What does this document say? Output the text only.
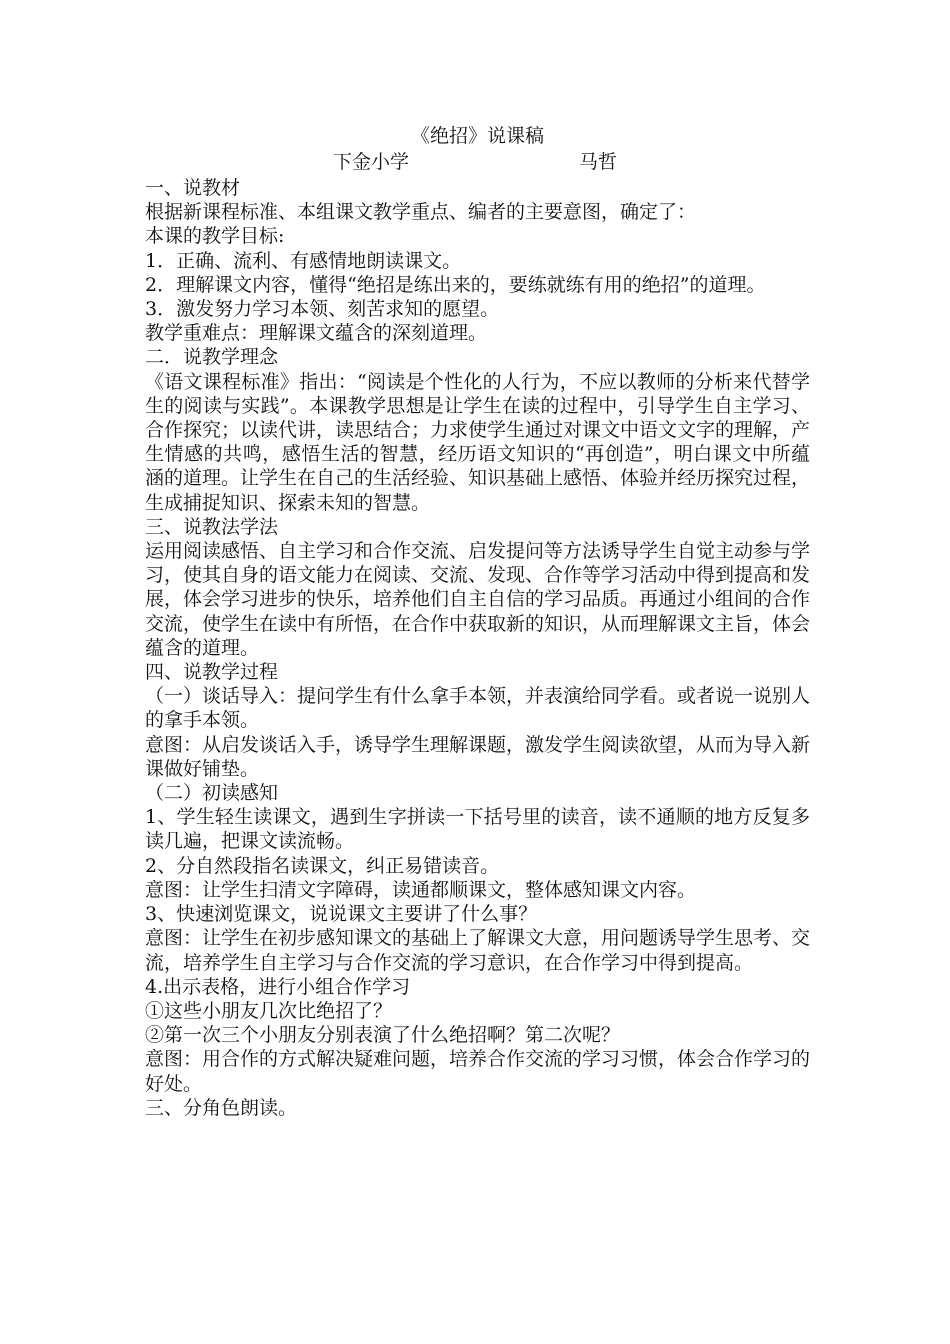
《绝招》说课稿
下金小学	马哲

一、说教材

根据新课程标准、本组课文教学重点、编者的主要意图，确定了：

本课的教学目标:

1．正确、流利、有感情地朗读课文。

2．理解课文内容，懂得“绝招是练出来的，要练就练有用的绝招”的道理。

3．激发努力学习本领、刻苦求知的愿望。

教学重难点：理解课文蕴含的深刻道理。

二．说教学理念

《语文课程标准》指出：“阅读是个性化的人行为，不应以教师的分析来代替学生的阅读与实践”。本课教学思想是让学生在读的过程中，引导学生自主学习、合作探究；以读代讲，读思结合；力求使学生通过对课文中语文文字的理解，产生情感的共鸣，感悟生活的智慧，经历语文知识的“再创造”，明白课文中所蕴涵的道理。让学生在自己的生活经验、知识基础上感悟、体验并经历探究过程，生成捕捉知识、探索未知的智慧。

三、说教法学法

运用阅读感悟、自主学习和合作交流、启发提问等方法诱导学生自觉主动参与学习，使其自身的语文能力在阅读、交流、发现、合作等学习活动中得到提高和发展，体会学习进步的快乐，培养他们自主自信的学习品质。再通过小组间的合作交流，使学生在读中有所悟，在合作中获取新的知识，从而理解课文主旨，体会蕴含的道理。

四、说教学过程

（一）谈话导入：提问学生有什么拿手本领，并表演给同学看。或者说一说别人的拿手本领。

意图：从启发谈话入手，诱导学生理解课题，激发学生阅读欲望，从而为导入新课做好铺垫。

（二）初读感知

1、学生轻生读课文，遇到生字拼读一下括号里的读音，读不通顺的地方反复多读几遍，把课文读流畅。

2、分自然段指名读课文，纠正易错读音。

意图：让学生扫清文字障碍，读通都顺课文，整体感知课文内容。

3、快速浏览课文，说说课文主要讲了什么事？

意图：让学生在初步感知课文的基础上了解课文大意，用问题诱导学生思考、交流，培养学生自主学习与合作交流的学习意识，在合作学习中得到提高。

4.出示表格，进行小组合作学习

①这些小朋友几次比绝招了？

②第一次三个小朋友分别表演了什么绝招啊？第二次呢？

意图：用合作的方式解决疑难问题，培养合作交流的学习习惯，体会合作学习的好处。

三、分角色朗读。
